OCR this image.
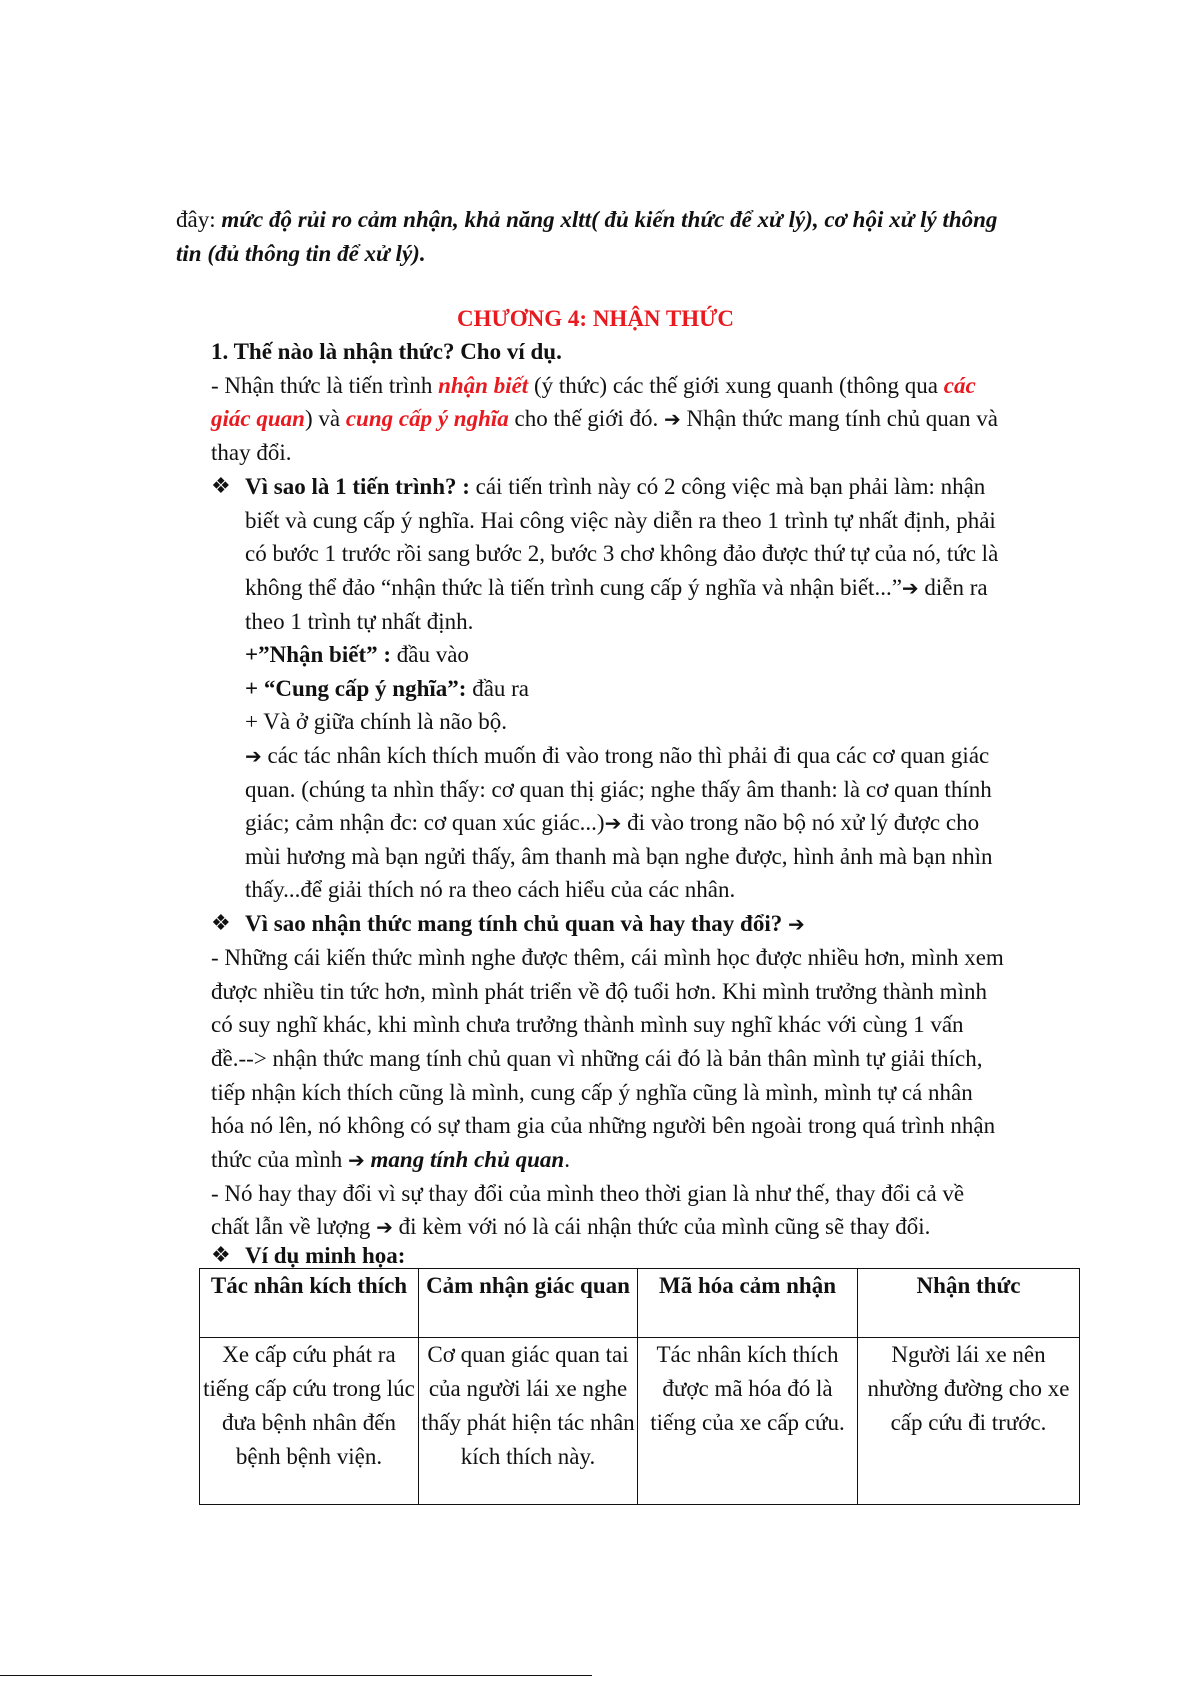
đây: mức độ rủi ro cảm nhận, khả năng xltt( đủ kiến thức để xử lý), cơ hội xử lý thông
tin (đủ thông tin để xử lý).
CHƯƠNG 4: NHẬN THỨC
1. Thế nào là nhận thức? Cho ví dụ.
- Nhận thức là tiến trình nhận biết (ý thức) các thế giới xung quanh (thông qua các
giác quan) và cung cấp ý nghĩa cho thế giới đó. ➔ Nhận thức mang tính chủ quan và
thay đổi.
❖ Vì sao là 1 tiến trình? : cái tiến trình này có 2 công việc mà bạn phải làm: nhận
biết và cung cấp ý nghĩa. Hai công việc này diễn ra theo 1 trình tự nhất định, phải
có bước 1 trước rồi sang bước 2, bước 3 chơ không đảo được thứ tự của nó, tức là
không thể đảo “nhận thức là tiến trình cung cấp ý nghĩa và nhận biết...”➔ diễn ra
theo 1 trình tự nhất định.
+”Nhận biết” : đầu vào
+ “Cung cấp ý nghĩa”: đầu ra
+ Và ở giữa chính là não bộ.
➔ các tác nhân kích thích muốn đi vào trong não thì phải đi qua các cơ quan giác
quan. (chúng ta nhìn thấy: cơ quan thị giác; nghe thấy âm thanh: là cơ quan thính
giác; cảm nhận đc: cơ quan xúc giác...)➔ đi vào trong não bộ nó xử lý được cho
mùi hương mà bạn ngửi thấy, âm thanh mà bạn nghe được, hình ảnh mà bạn nhìn
thấy...để giải thích nó ra theo cách hiểu của các nhân.
❖ Vì sao nhận thức mang tính chủ quan và hay thay đổi? ➔
- Những cái kiến thức mình nghe được thêm, cái mình học được nhiều hơn, mình xem
được nhiều tin tức hơn, mình phát triển về độ tuổi hơn. Khi mình trưởng thành mình
có suy nghĩ khác, khi mình chưa trưởng thành mình suy nghĩ khác với cùng 1 vấn
đề.--> nhận thức mang tính chủ quan vì những cái đó là bản thân mình tự giải thích,
tiếp nhận kích thích cũng là mình, cung cấp ý nghĩa cũng là mình, mình tự cá nhân
hóa nó lên, nó không có sự tham gia của những người bên ngoài trong quá trình nhận
thức của mình ➔ mang tính chủ quan.
- Nó hay thay đổi vì sự thay đổi của mình theo thời gian là như thế, thay đổi cả về
chất lẫn về lượng ➔ đi kèm với nó là cái nhận thức của mình cũng sẽ thay đổi.
❖ Ví dụ minh họa:
Tác nhân kích thích	Cảm nhận giác quan	Mã hóa cảm nhận	Nhận thức
Xe cấp cứu phát ra tiếng cấp cứu trong lúc đưa bệnh nhân đến bệnh bệnh viện.	Cơ quan giác quan tai của người lái xe nghe thấy phát hiện tác nhân kích thích này.	Tác nhân kích thích được mã hóa đó là tiếng của xe cấp cứu.	Người lái xe nên nhường đường cho xe cấp cứu đi trước.
